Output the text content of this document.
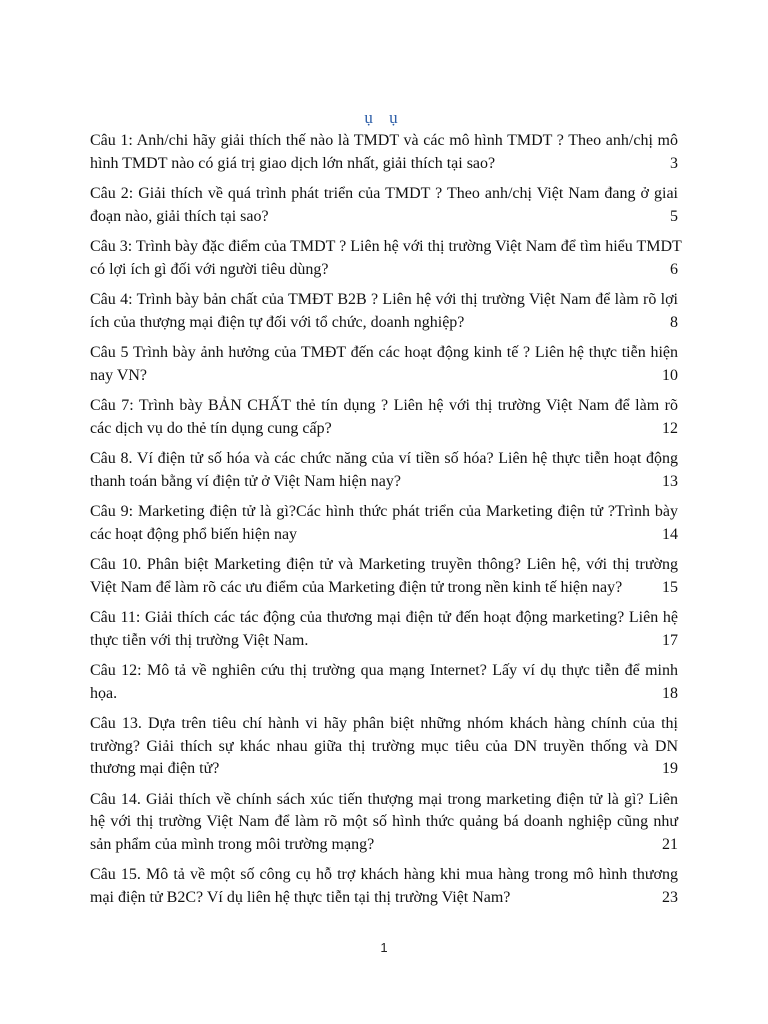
ụ ụ
Câu 1: Anh/chi hãy giải thích thế nào là TMDT và các mô hình TMDT ? Theo anh/chị mô
hình TMDT nào có giá trị giao dịch lớn nhất, giải thích tại sao?	3
Câu 2: Giải thích về quá trình phát triển của TMDT ? Theo anh/chị Việt Nam đang ở giai
đoạn nào, giải thích tại sao?	5
Câu 3: Trình bày đặc điểm của TMDT ? Liên hệ với thị trường Việt Nam để tìm hiểu TMDT
có lợi ích gì đối với người tiêu dùng?	6
Câu 4: Trình bày bản chất của TMĐT B2B ? Liên hệ với thị trường Việt Nam để làm rõ lợi
ích của thượng mại điện tự đối với tổ chức, doanh nghiệp?	8
Câu 5 Trình bày ảnh hưởng của TMĐT đến các hoạt động kinh tế ? Liên hệ thực tiễn hiện
nay VN?	10
Câu 7: Trình bày BẢN CHẤT thẻ tín dụng ? Liên hệ với thị trường Việt Nam để làm rõ
các dịch vụ do thẻ tín dụng cung cấp?	12
Câu 8. Ví điện tử số hóa và các chức năng của ví tiền số hóa? Liên hệ thực tiễn hoạt động
thanh toán bằng ví điện tử ở Việt Nam hiện nay?	13
Câu 9: Marketing điện tử là gì?Các hình thức phát triển của Marketing điện tử ?Trình bày
các hoạt động phổ biến hiện nay	14
Câu 10. Phân biệt Marketing điện tử và Marketing truyền thông? Liên hệ, với thị trường
Việt Nam để làm rõ các ưu điểm của Marketing điện tử trong nền kinh tế hiện nay? 15
Câu 11: Giải thích các tác động của thương mại điện tử đến hoạt động marketing? Liên hệ
thực tiễn với thị trường Việt Nam.	17
Câu 12: Mô tả về nghiên cứu thị trường qua mạng Internet? Lấy ví dụ thực tiễn để minh
họa.	18
Câu 13. Dựa trên tiêu chí hành vi hãy phân biệt những nhóm khách hàng chính của thị
trường? Giải thích sự khác nhau giữa thị trường mục tiêu của DN truyền thống và DN
thương mại điện tử?	19
Câu 14. Giải thích về chính sách xúc tiến thượng mại trong marketing điện tử là gì? Liên
hệ với thị trường Việt Nam để làm rõ một số hình thức quảng bá doanh nghiệp cũng như
sản phẩm của mình trong môi trường mạng?	21
Câu 15. Mô tả về một số công cụ hỗ trợ khách hàng khi mua hàng trong mô hình thương
mại điện tử B2C? Ví dụ liên hệ thực tiễn tại thị trường Việt Nam?	23
1
